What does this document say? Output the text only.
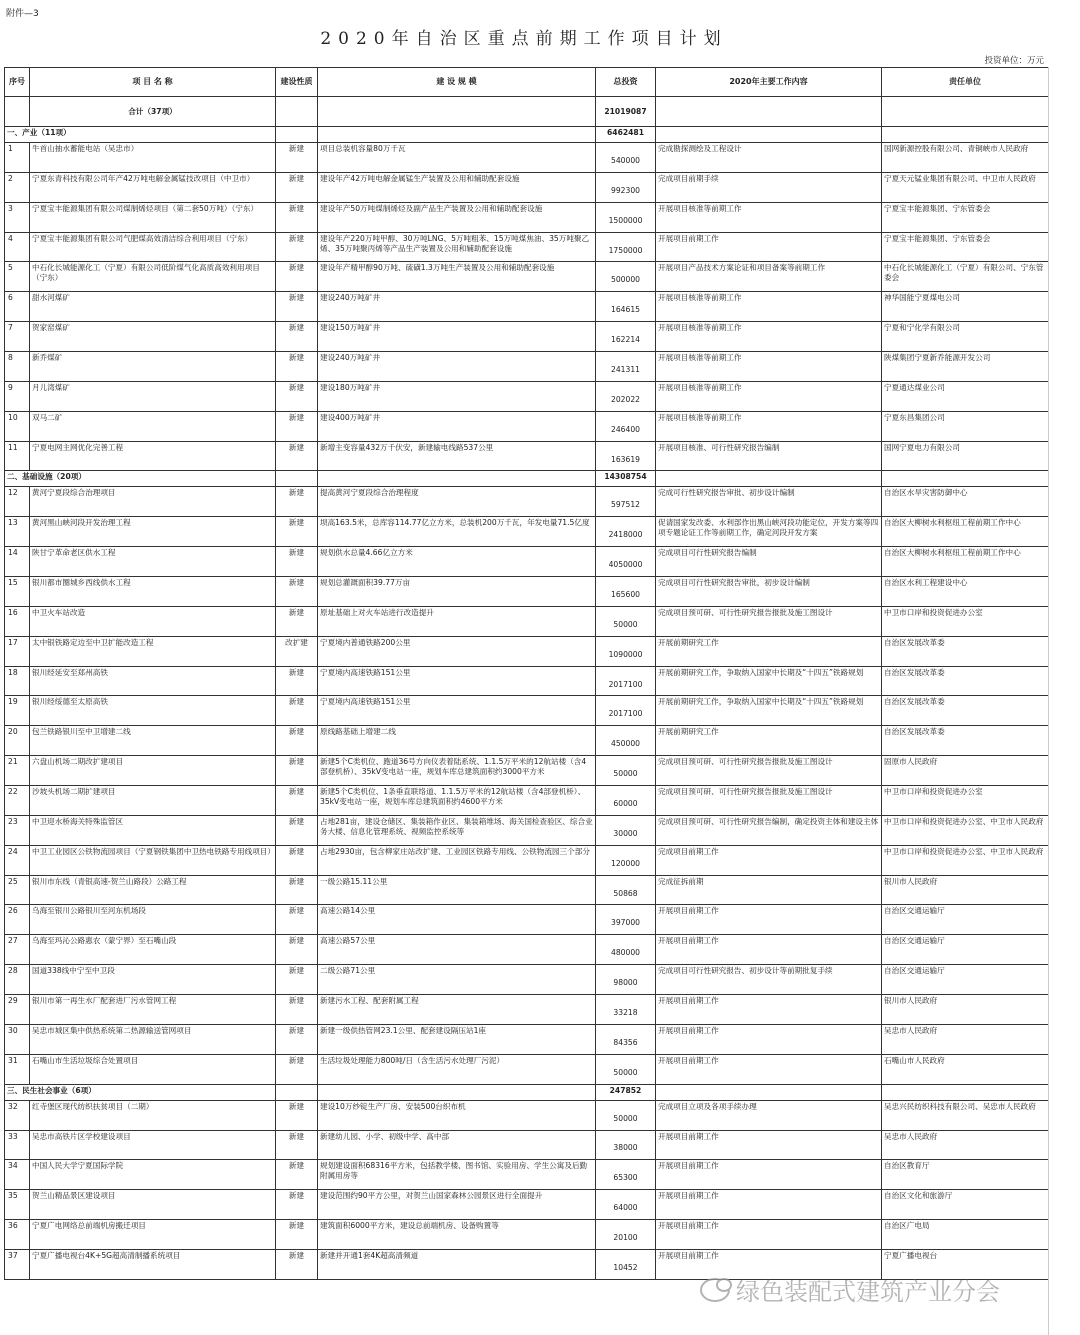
附件—3
2020年自治区重点前期工作项目计划
投资单位：万元
序号	项 目 名 称	建设性质	建 设 规 模	总投资	2020年主要工作内容	责任单位
	合计（37项）			21019087		
一、产业（11项）				6462481		
1	牛首山抽水蓄能电站（吴忠市）	新建	项目总装机容量80万千瓦	540000	完成勘探测绘及工程设计	国网新源控股有限公司、青铜峡市人民政府
2	宁夏东青科技有限公司年产42万吨电解金属锰技改项目（中卫市）	新建	建设年产42万吨电解金属锰生产装置及公用和辅助配套设施	992300	完成项目前期手续	宁夏天元锰业集团有限公司、中卫市人民政府
3	宁夏宝丰能源集团有限公司煤制烯烃项目（第二套50万吨）（宁东）	新建	建设年产50万吨煤制烯烃及副产品生产装置及公用和辅助配套设施	1500000	开展项目核准等前期工作	宁夏宝丰能源集团、宁东管委会
4	宁夏宝丰能源集团有限公司气肥煤高效清洁综合利用项目（宁东）	新建	建设年产220万吨甲醇、30万吨LNG、5万吨粗苯、15万吨煤焦油、35万吨聚乙烯、35万吨聚丙烯等产品生产装置及公用和辅助配套设施	1750000	开展项目前期工作	宁夏宝丰能源集团、宁东管委会
5	中石化长城能源化工（宁夏）有限公司低阶煤气化高质高效利用项目（宁东）	新建	建设年产精甲醇90万吨、硫磺1.3万吨生产装置及公用和辅助配套设施	500000	开展项目产品技术方案论证和项目备案等前期工作	中石化长城能源化工（宁夏）有限公司、宁东管委会
6	甜水河煤矿	新建	建设240万吨矿井	164615	开展项目核准等前期工作	神华国能宁夏煤电公司
7	贺家窑煤矿	新建	建设150万吨矿井	162214	开展项目核准等前期工作	宁夏和宁化学有限公司
8	新乔煤矿	新建	建设240万吨矿井	241311	开展项目核准等前期工作	陕煤集团宁夏新乔能源开发公司
9	月儿湾煤矿	新建	建设180万吨矿井	202022	开展项目核准等前期工作	宁夏通达煤业公司
10	双马二矿	新建	建设400万吨矿井	246400	开展项目核准等前期工作	宁夏东昌集团公司
11	宁夏电网主网优化完善工程	新建	新增主变容量432万千伏安，新建输电线路537公里	163619	开展项目核准、可行性研究报告编制	国网宁夏电力有限公司
二、基础设施（20项）				14308754		
12	黄河宁夏段综合治理项目	新建	提高黄河宁夏段综合治理程度	597512	完成可行性研究报告审批、初步设计编制	自治区水旱灾害防御中心
13	黄河黑山峡河段开发治理工程	新建	坝高163.5米，总库容114.77亿立方米，总装机200万千瓦，年发电量71.5亿度	2418000	促请国家发改委、水利部作出黑山峡河段功能定位，开发方案等四项专题论证工作等前期工作，确定河段开发方案	自治区大柳树水利枢纽工程前期工作中心
14	陕甘宁革命老区供水工程	新建	规划供水总量4.66亿立方米	4050000	完成项目可行性研究报告编制	自治区大柳树水利枢纽工程前期工作中心
15	银川都市圈城乡西线供水工程	新建	规划总灌溉面积39.77万亩	165600	完成项目可行性研究报告审批，初步设计编制	自治区水利工程建设中心
16	中卫火车站改造	新建	原址基础上对火车站进行改造提升	50000	完成项目预可研、可行性研究报告报批及施工图设计	中卫市口岸和投资促进办公室
17	太中银铁路定边至中卫扩能改造工程	改扩建	宁夏境内普通铁路200公里	1090000	开展前期研究工作	自治区发展改革委
18	银川经延安至郑州高铁	新建	宁夏境内高速铁路151公里	2017100	开展前期研究工作，争取纳入国家中长期及“十四五”铁路规划	自治区发展改革委
19	银川经绥德至太原高铁	新建	宁夏境内高速铁路151公里	2017100	开展前期研究工作，争取纳入国家中长期及“十四五”铁路规划	自治区发展改革委
20	包兰铁路银川至中卫增建二线	新建	原线路基础上增建二线	450000	开展前期研究工作	自治区发展改革委
21	六盘山机场二期改扩建项目	新建	新建5个C类机位、跑道36号方向仪表着陆系统、1.1.5万平米的12航站楼（含4部登机桥）、35kV变电站一座，规划车库总建筑面积约3000平方米	50000	完成项目预可研、可行性研究报告报批及施工图设计	固原市人民政府
22	沙坡头机场二期扩建项目	新建	新建5个C类机位、1条垂直联络道、1.1.5万平米的12航站楼（含4部登机桥）、35kV变电站一座，规划车库总建筑面积约4600平方米	60000	完成项目预可研、可行性研究报告报批及施工图设计	中卫市口岸和投资促进办公室
23	中卫迎水桥海关特殊监管区	新建	占地281亩，建设仓储区、集装箱作业区、集装箱堆场、海关国检查验区、综合业务大楼、信息化管理系统、视频监控系统等	30000	完成项目预可研、可行性研究报告编制，确定投资主体和建设主体	中卫市口岸和投资促进办公室、中卫市人民政府
24	中卫工业园区公铁物流园项目（宁夏钢铁集团中卫热电铁路专用线项目）	新建	占地2930亩，包含柳家庄站改扩建、工业园区铁路专用线、公铁物流园三个部分	120000	完成项目前期工作	中卫市口岸和投资促进办公室、中卫市人民政府
25	银川市东线（青银高速-贺兰山路段）公路工程	新建	一级公路15.11公里	50868	完成征拆前期	银川市人民政府
26	乌海至银川公路银川至河东机场段	新建	高速公路14公里	397000	开展项目前期工作	自治区交通运输厅
27	乌海至玛沁公路惠农（蒙宁界）至石嘴山段	新建	高速公路57公里	480000	开展项目前期工作	自治区交通运输厅
28	国道338线中宁至中卫段	新建	二级公路71公里	98000	完成项目可行性研究报告、初步设计等前期批复手续	自治区交通运输厅
29	银川市第一再生水厂配套进厂污水管网工程	新建	新建污水工程、配套附属工程	33218	开展项目前期工作	银川市人民政府
30	吴忠市城区集中供热系统第二热源输送管网项目	新建	新建一级供热管网23.1公里、配套建设隔压站1座	84356	开展项目前期工作	吴忠市人民政府
31	石嘴山市生活垃圾综合处置项目	新建	生活垃圾处理能力800吨/日（含生活污水处理厂污泥）	50000	开展项目前期工作	石嘴山市人民政府
三、民生社会事业（6项）				247852		
32	红寺堡区现代纺织扶贫项目（二期）	新建	建设10万纱锭生产厂房、安装500台织布机	50000	完成项目立项及各项手续办理	吴忠兴民纺织科技有限公司、吴忠市人民政府
33	吴忠市高铁片区学校建设项目	新建	新建幼儿园、小学、初级中学、高中部	38000	开展项目前期工作	吴忠市人民政府
34	中国人民大学宁夏国际学院	新建	规划建设面积68316平方米，包括教学楼、图书馆、实验用房、学生公寓及后勤附属用房等	65300	开展项目前期工作	自治区教育厅
35	贺兰山精品景区建设项目	新建	建设范围约90平方公里，对贺兰山国家森林公园景区进行全面提升	64000	开展项目前期工作	自治区文化和旅游厅
36	宁夏广电网络总前端机房搬迁项目	新建	建筑面积6000平方米，建设总前端机房、设备购置等	20100	开展项目前期工作	自治区广电局
37	宁夏广播电视台4K+5G超高清制播系统项目	新建	新建并开通1套4K超高清频道	10452	开展项目前期工作	宁夏广播电视台
绿色装配式建筑产业分会
